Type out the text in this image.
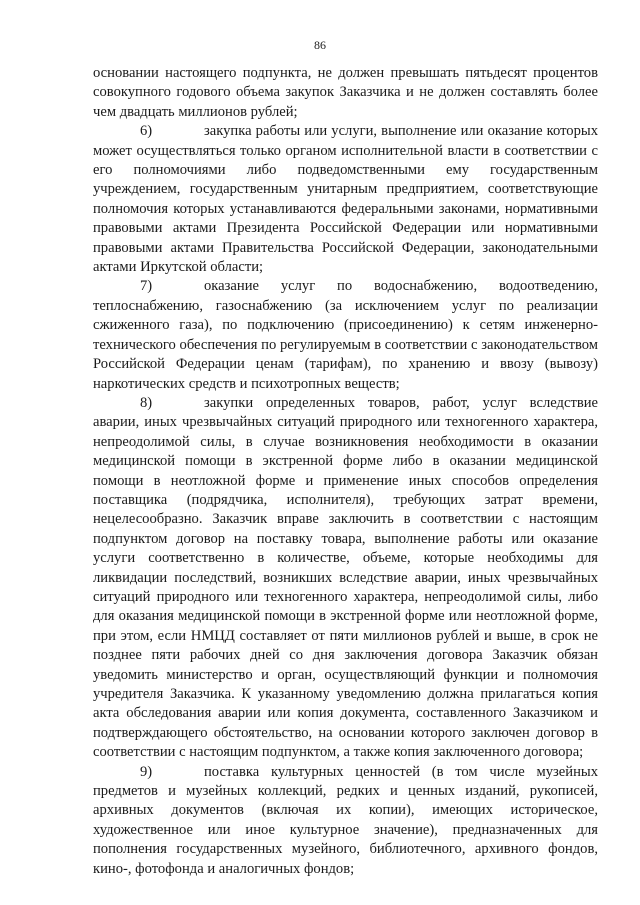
86

основании настоящего подпункта, не должен превышать пятьдесят процентов совокупного годового объема закупок Заказчика и не должен составлять более чем двадцать миллионов рублей;

6)	закупка работы или услуги, выполнение или оказание которых может осуществляться только органом исполнительной власти в соответствии с его полномочиями либо подведомственными ему государственным учреждением, государственным унитарным предприятием, соответствующие полномочия которых устанавливаются федеральными законами, нормативными правовыми актами Президента Российской Федерации или нормативными правовыми актами Правительства Российской Федерации, законодательными актами Иркутской области;

7)	оказание услуг по водоснабжению, водоотведению, теплоснабжению, газоснабжению (за исключением услуг по реализации сжиженного газа), по подключению (присоединению) к сетям инженерно-технического обеспечения по регулируемым в соответствии с законодательством Российской Федерации ценам (тарифам), по хранению и ввозу (вывозу) наркотических средств и психотропных веществ;

8)	закупки определенных товаров, работ, услуг вследствие аварии, иных чрезвычайных ситуаций природного или техногенного характера, непреодолимой силы, в случае возникновения необходимости в оказании медицинской помощи в экстренной форме либо в оказании медицинской помощи в неотложной форме и применение иных способов определения поставщика (подрядчика, исполнителя), требующих затрат времени, нецелесообразно. Заказчик вправе заключить в соответствии с настоящим подпунктом договор на поставку товара, выполнение работы или оказание услуги соответственно в количестве, объеме, которые необходимы для ликвидации последствий, возникших вследствие аварии, иных чрезвычайных ситуаций природного или техногенного характера, непреодолимой силы, либо для оказания медицинской помощи в экстренной форме или неотложной форме, при этом, если НМЦД составляет от пяти миллионов рублей и выше, в срок не позднее пяти рабочих дней со дня заключения договора Заказчик обязан уведомить министерство и орган, осуществляющий функции и полномочия учредителя Заказчика. К указанному уведомлению должна прилагаться копия акта обследования аварии или копия документа, составленного Заказчиком и подтверждающего обстоятельство, на основании которого заключен договор в соответствии с настоящим подпунктом, а также копия заключенного договора;

9)	поставка культурных ценностей (в том числе музейных предметов и музейных коллекций, редких и ценных изданий, рукописей, архивных документов (включая их копии), имеющих историческое, художественное или иное культурное значение), предназначенных для пополнения государственных музейного, библиотечного, архивного фондов, кино-, фотофонда и аналогичных фондов;
